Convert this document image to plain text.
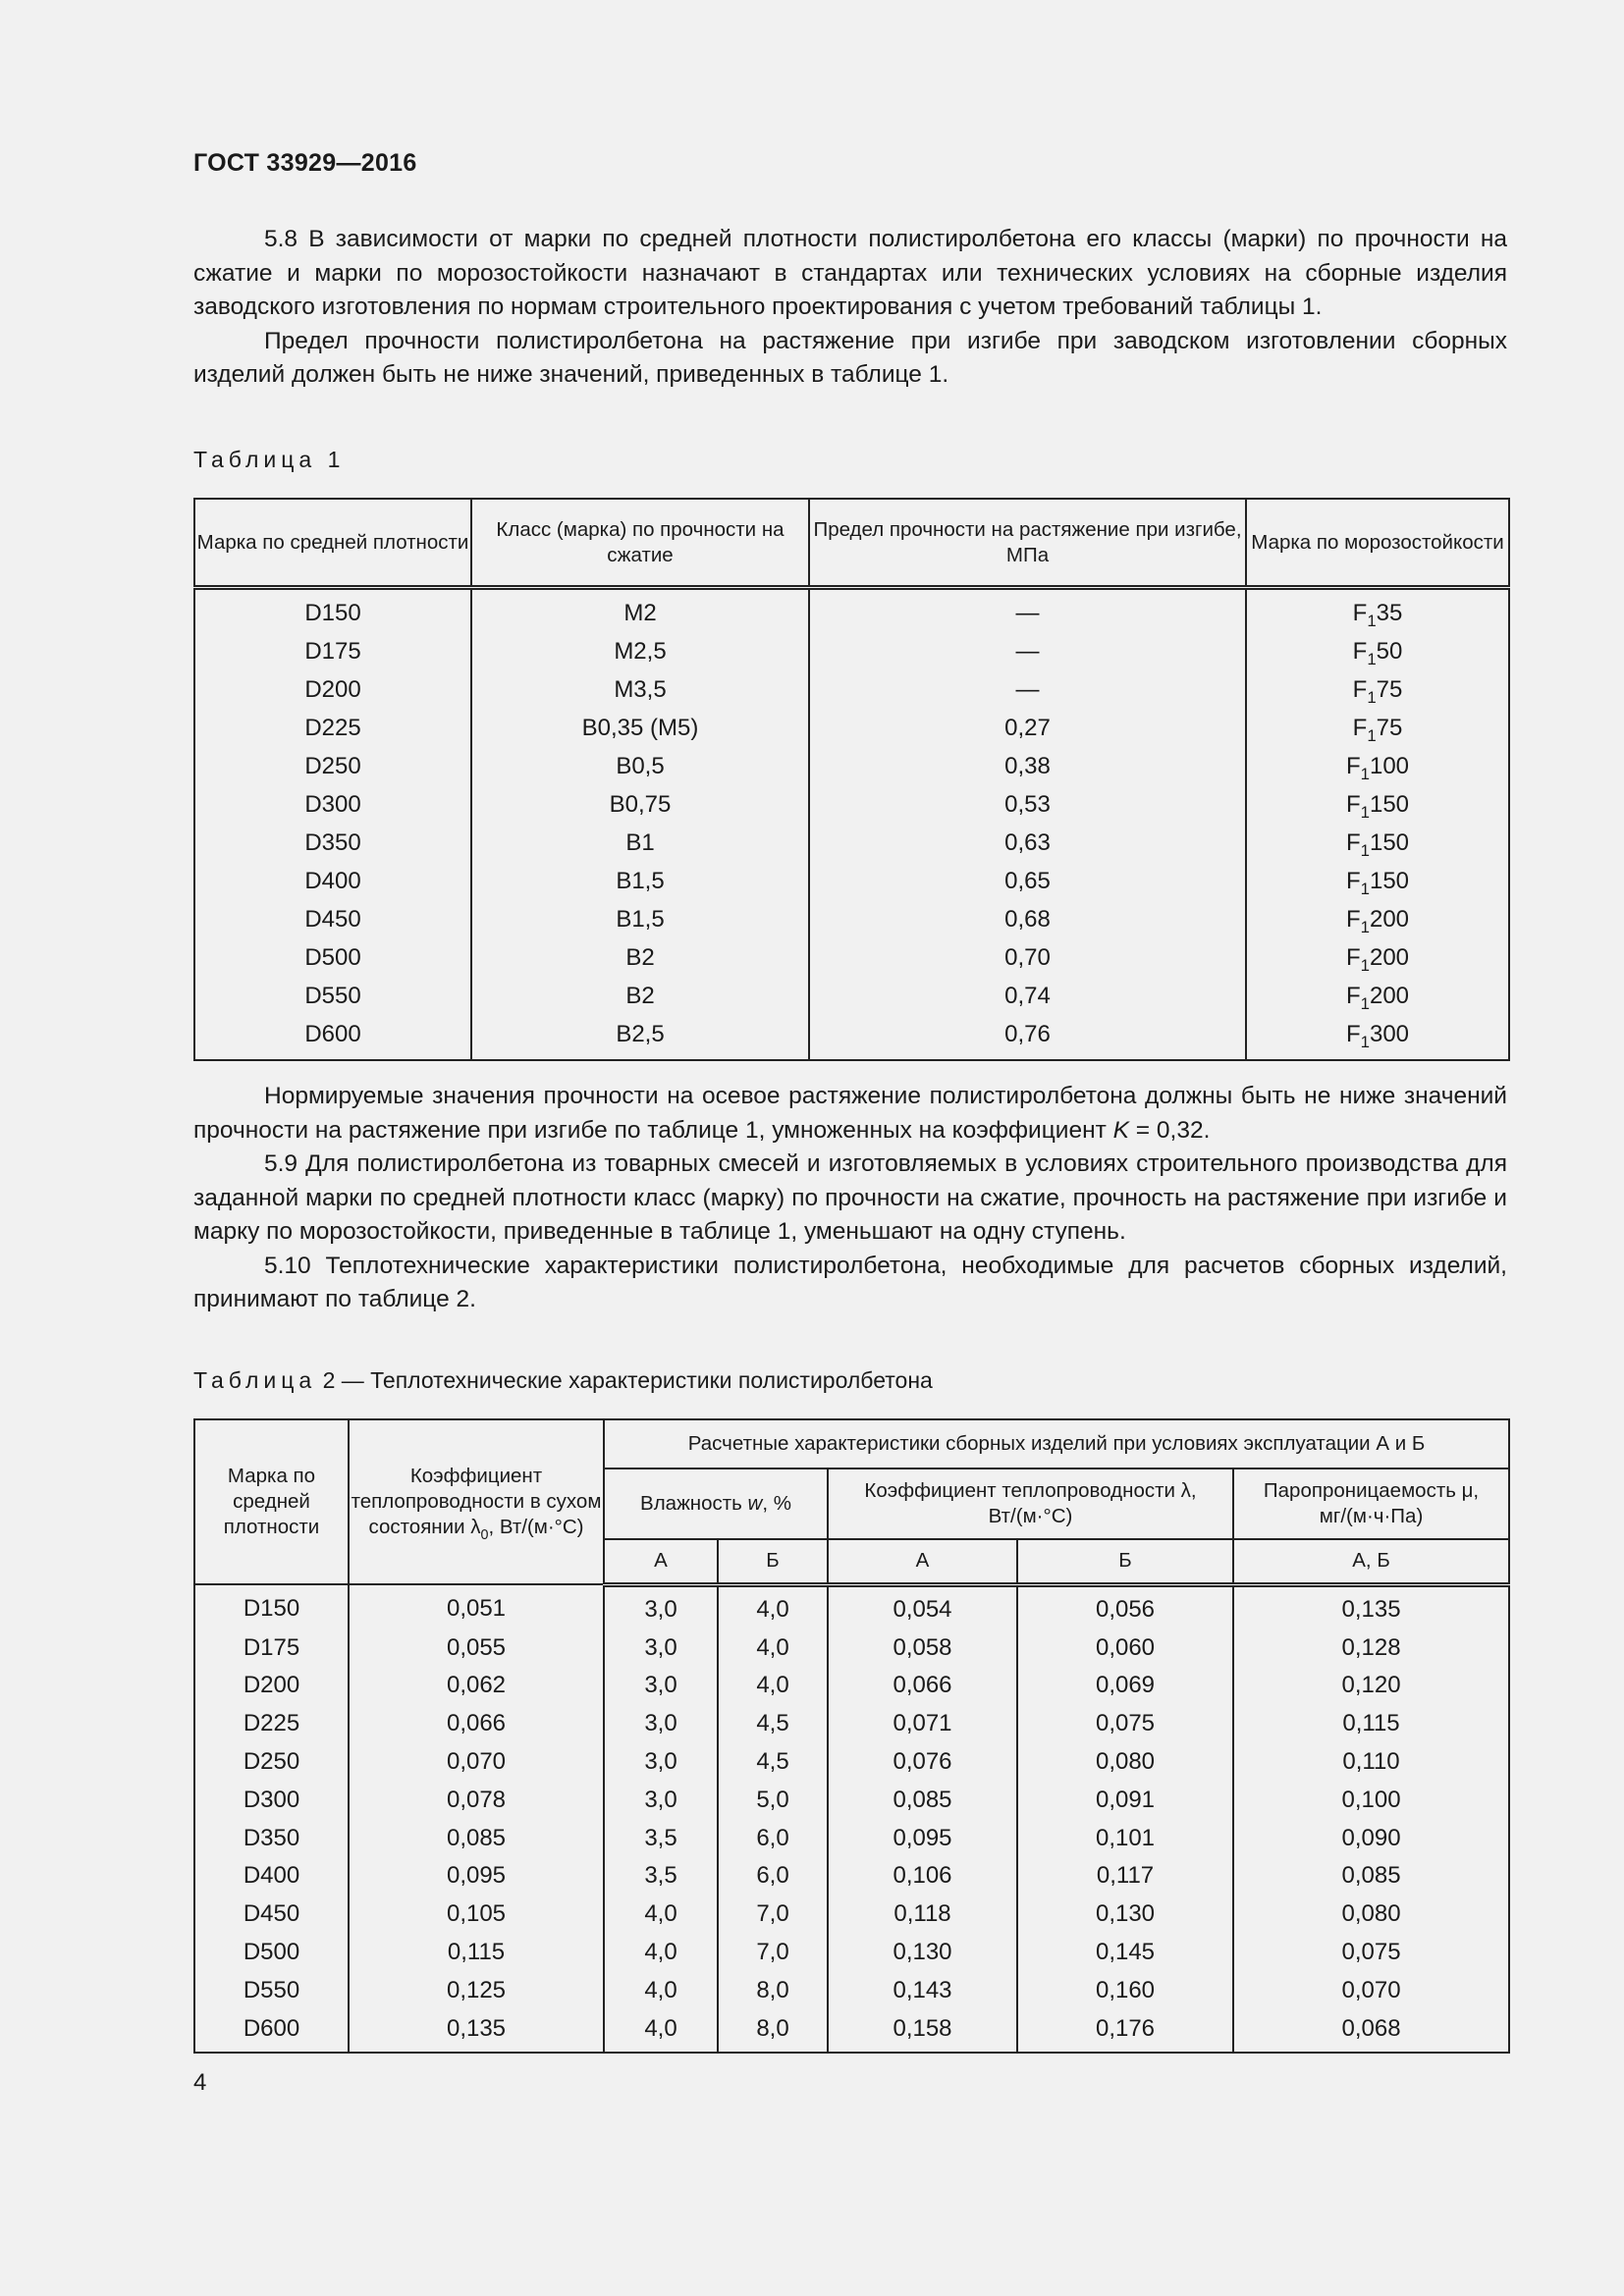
ГОСТ 33929—2016

5.8 В зависимости от марки по средней плотности полистиролбетона его классы (марки) по прочности на сжатие и марки по морозостойкости назначают в стандартах или технических условиях на сборные изделия заводского изготовления по нормам строительного проектирования с учетом требований таблицы 1.

Предел прочности полистиролбетона на растяжение при изгибе при заводском изготовлении сборных изделий должен быть не ниже значений, приведенных в таблице 1.

Таблица 1
Марка по средней плотности	Класс (марка) по прочности на сжатие	Предел прочности на растяжение при изгибе, МПа	Марка по морозостойкости
D150	М2	—	$F_135$
D175	М2,5	—	$F_150$
D200	М3,5	—	$F_175$
D225	В0,35 (М5)	0,27	$F_175$
D250	В0,5	0,38	$F_1100$
D300	В0,75	0,53	$F_1150$
D350	В1	0,63	$F_1150$
D400	В1,5	0,65	$F_1150$
D450	В1,5	0,68	$F_1200$
D500	В2	0,70	$F_1200$
D550	В2	0,74	$F_1200$
D600	В2,5	0,76	$F_1300$

Нормируемые значения прочности на осевое растяжение полистиролбетона должны быть не ниже значений прочности на растяжение при изгибе по таблице 1, умноженных на коэффициент K = 0,32.

5.9 Для полистиролбетона из товарных смесей и изготовляемых в условиях строительного производства для заданной марки по средней плотности класс (марку) по прочности на сжатие, прочность на растяжение при изгибе и марку по морозостойкости, приведенные в таблице 1, уменьшают на одну ступень.

5.10 Теплотехнические характеристики полистиролбетона, необходимые для расчетов сборных изделий, принимают по таблице 2.

Таблица 2 — Теплотехнические характеристики полистиролбетона
Марка по средней плотности	Коэффициент теплопроводности в сухом состоянии $\lambda_0$, Вт/(м·°С)	Расчетные характеристики сборных изделий при условиях эксплуатации А и Б				
		Влажность w, %		Коэффициент теплопроводности λ, Вт/(м·°С)		Паропроницаемость μ, мг/(м·ч·Па)
		А	Б	А	Б	А, Б
D150	0,051	3,0	4,0	0,054	0,056	0,135
D175	0,055	3,0	4,0	0,058	0,060	0,128
D200	0,062	3,0	4,0	0,066	0,069	0,120
D225	0,066	3,0	4,5	0,071	0,075	0,115
D250	0,070	3,0	4,5	0,076	0,080	0,110
D300	0,078	3,0	5,0	0,085	0,091	0,100
D350	0,085	3,5	6,0	0,095	0,101	0,090
D400	0,095	3,5	6,0	0,106	0,117	0,085
D450	0,105	4,0	7,0	0,118	0,130	0,080
D500	0,115	4,0	7,0	0,130	0,145	0,075
D550	0,125	4,0	8,0	0,143	0,160	0,070
D600	0,135	4,0	8,0	0,158	0,176	0,068
4
